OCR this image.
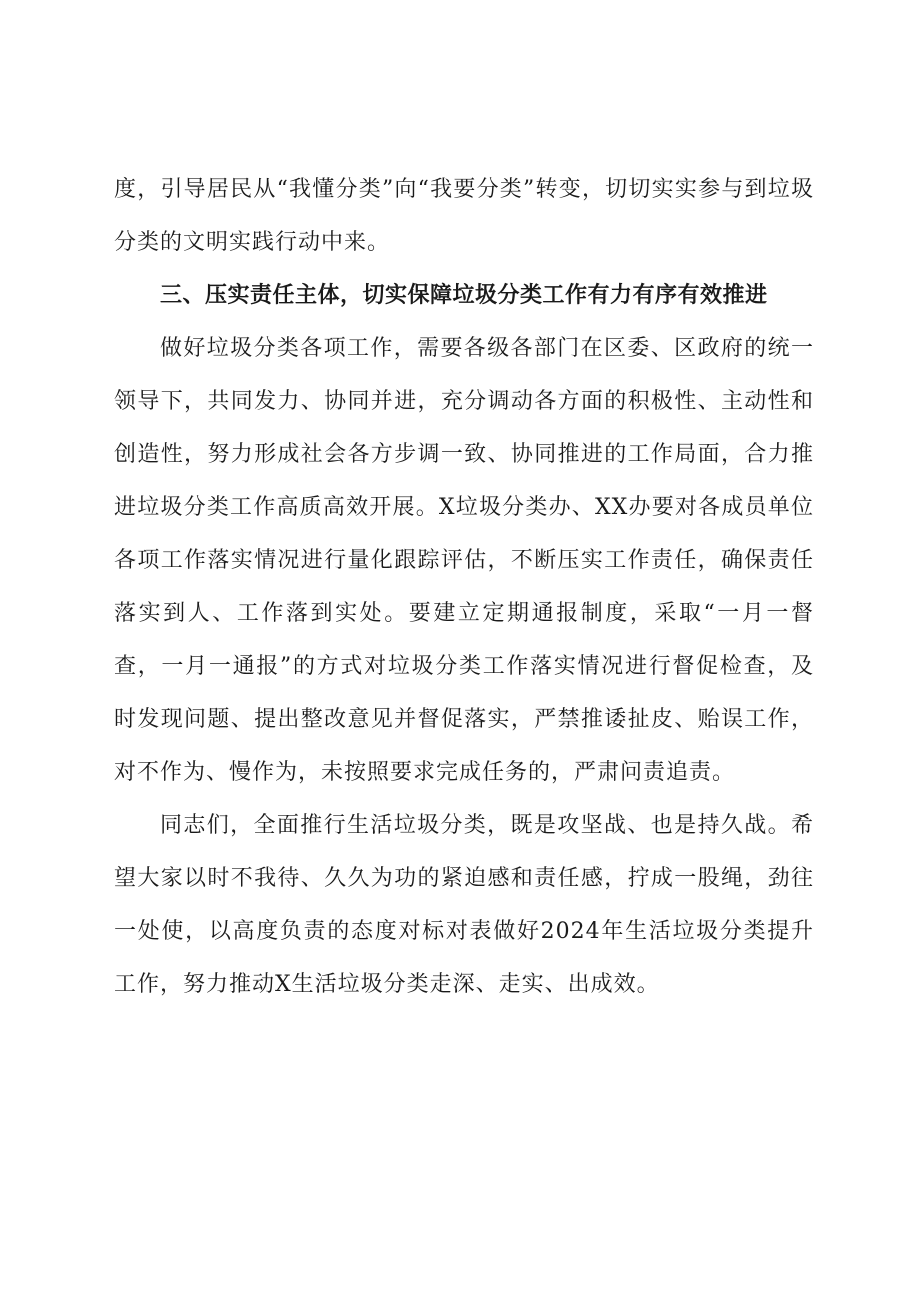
度，引导居民从“我懂分类”向“我要分类”转变，切切实实参与到垃圾分类的文明实践行动中来。

三、压实责任主体，切实保障垃圾分类工作有力有序有效推进

做好垃圾分类各项工作，需要各级各部门在区委、区政府的统一领导下，共同发力、协同并进，充分调动各方面的积极性、主动性和创造性，努力形成社会各方步调一致、协同推进的工作局面，合力推进垃圾分类工作高质高效开展。X垃圾分类办、XX办要对各成员单位各项工作落实情况进行量化跟踪评估，不断压实工作责任，确保责任落实到人、工作落到实处。要建立定期通报制度，采取“一月一督查，一月一通报”的方式对垃圾分类工作落实情况进行督促检查，及时发现问题、提出整改意见并督促落实，严禁推诿扯皮、贻误工作，对不作为、慢作为，未按照要求完成任务的，严肃问责追责。

同志们，全面推行生活垃圾分类，既是攻坚战、也是持久战。希望大家以时不我待、久久为功的紧迫感和责任感，拧成一股绳，劲往一处使，以高度负责的态度对标对表做好2024年生活垃圾分类提升工作，努力推动X生活垃圾分类走深、走实、出成效。
